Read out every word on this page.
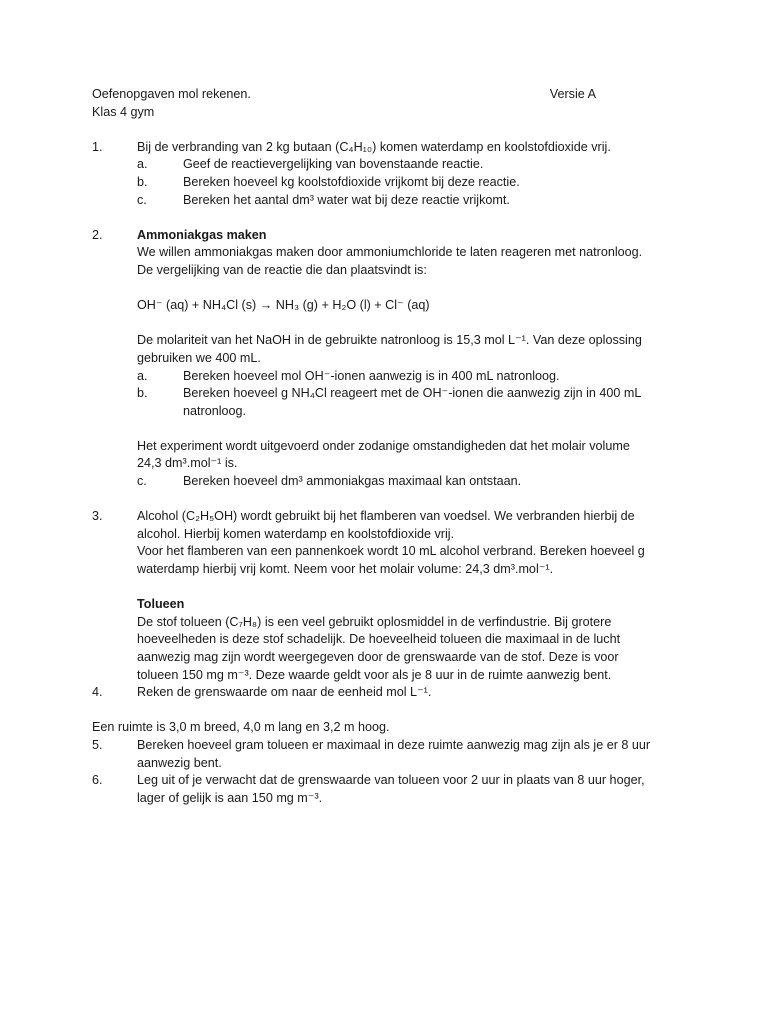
Oefenopgaven mol rekenen.	Versie A
Klas 4 gym
1.	Bij de verbranding van 2 kg butaan (C₄H₁₀) komen waterdamp en koolstofdioxide vrij.
a.	Geef de reactievergelijking van bovenstaande reactie.
b.	Bereken hoeveel kg koolstofdioxide vrijkomt bij deze reactie.
c.	Bereken het aantal dm³ water wat bij deze reactie vrijkomt.
2.	Ammoniakgas maken
We willen ammoniakgas maken door ammoniumchloride te laten reageren met natronloog.
De vergelijking van de reactie die dan plaatsvindt is:
OH⁻ (aq) + NH₄Cl (s) → NH₃ (g) + H₂O (l) + Cl⁻ (aq)
De molariteit van het NaOH in de gebruikte natronloog is 15,3 mol L⁻¹. Van deze oplossing
gebruiken we 400 mL.
a.	Bereken hoeveel mol OH⁻-ionen aanwezig is in 400 mL natronloog.
b.	Bereken hoeveel g NH₄Cl reageert met de OH⁻-ionen die aanwezig zijn in 400 mL natronloog.
Het experiment wordt uitgevoerd onder zodanige omstandigheden dat het molair volume
24,3 dm³.mol⁻¹ is.
c.	Bereken hoeveel dm³ ammoniakgas maximaal kan ontstaan.
3.	Alcohol (C₂H₅OH) wordt gebruikt bij het flamberen van voedsel. We verbranden hierbij de alcohol. Hierbij komen waterdamp en koolstofdioxide vrij.
Voor het flamberen van een pannenkoek wordt 10 mL alcohol verbrand. Bereken hoeveel g waterdamp hierbij vrij komt. Neem voor het molair volume: 24,3 dm³.mol⁻¹.
Tolueen
De stof tolueen (C₇H₈) is een veel gebruikt oplosmiddel in de verfindustrie. Bij grotere hoeveelheden is deze stof schadelijk. De hoeveelheid tolueen die maximaal in de lucht aanwezig mag zijn wordt weergegeven door de grenswaarde van de stof. Deze is voor tolueen 150 mg m⁻³. Deze waarde geldt voor als je 8 uur in de ruimte aanwezig bent.
4.	Reken de grenswaarde om naar de eenheid mol L⁻¹.
Een ruimte is 3,0 m breed, 4,0 m lang en 3,2 m hoog.
5.	Bereken hoeveel gram tolueen er maximaal in deze ruimte aanwezig mag zijn als je er 8 uur aanwezig bent.
6.	Leg uit of je verwacht dat de grenswaarde van tolueen voor 2 uur in plaats van 8 uur hoger, lager of gelijk is aan 150 mg m⁻³.
